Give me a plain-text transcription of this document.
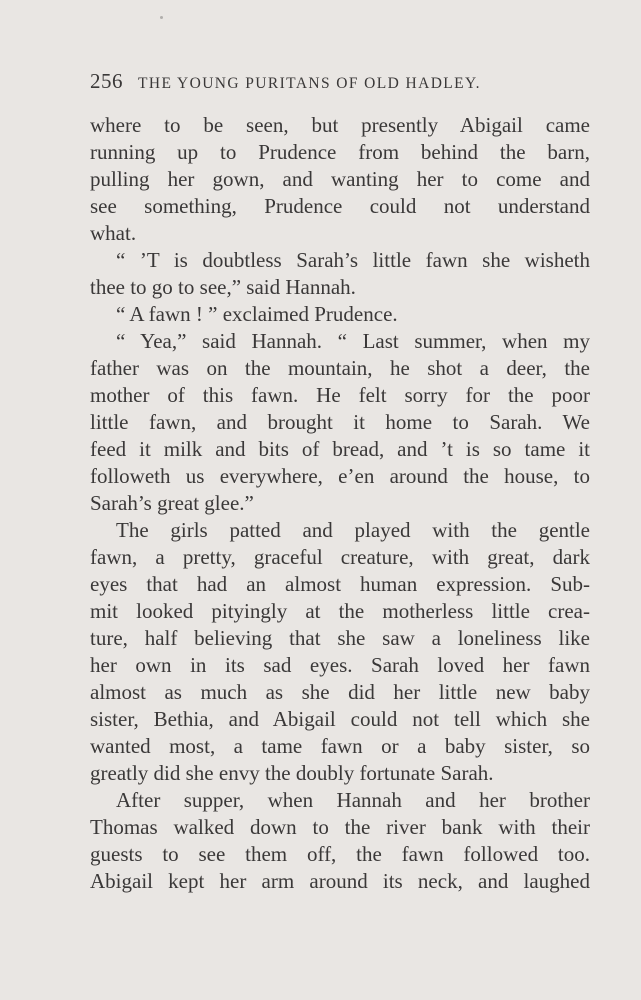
256 THE YOUNG PURITANS OF OLD HADLEY.
where to be seen, but presently Abigail came
running up to Prudence from behind the barn,
pulling her gown, and wanting her to come and
see something, Prudence could not understand
what.
“ ’T is doubtless Sarah’s little fawn she wisheth
thee to go to see,” said Hannah.
“ A fawn ! ” exclaimed Prudence.
“ Yea,” said Hannah. “ Last summer, when my
father was on the mountain, he shot a deer, the
mother of this fawn. He felt sorry for the poor
little fawn, and brought it home to Sarah. We
feed it milk and bits of bread, and ’t is so tame it
followeth us everywhere, e’en around the house, to
Sarah’s great glee.”
The girls patted and played with the gentle
fawn, a pretty, graceful creature, with great, dark
eyes that had an almost human expression. Sub-
mit looked pityingly at the motherless little crea-
ture, half believing that she saw a loneliness like
her own in its sad eyes. Sarah loved her fawn
almost as much as she did her little new baby
sister, Bethia, and Abigail could not tell which she
wanted most, a tame fawn or a baby sister, so
greatly did she envy the doubly fortunate Sarah.
After supper, when Hannah and her brother
Thomas walked down to the river bank with their
guests to see them off, the fawn followed too.
Abigail kept her arm around its neck, and laughed
